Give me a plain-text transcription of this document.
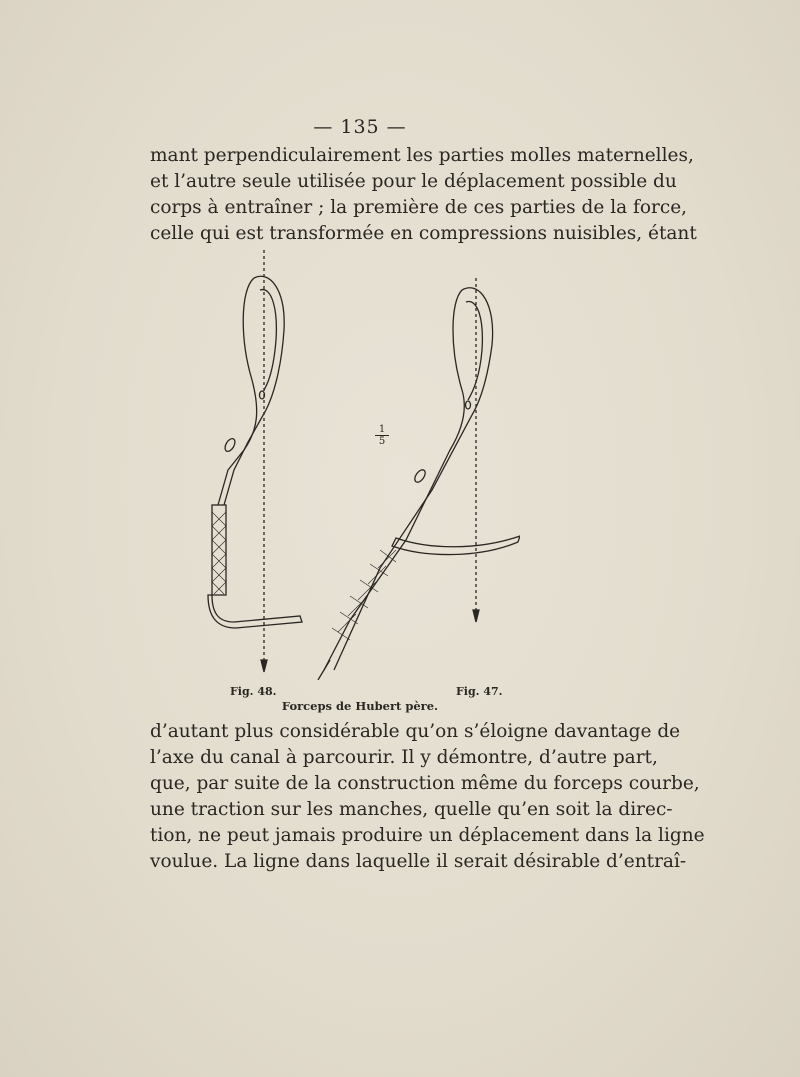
— 135 —
mant perpendiculairement les parties molles maternelles,
et l’autre seule utilisée pour le déplacement possible du
corps à entraîner ; la première de ces parties de la force,
celle qui est transformée en compressions nuisibles, étant
$\frac{1}{5}$
Fig. 48.	Fig. 47.
Forceps de Hubert père.
d’autant plus considérable qu’on s’éloigne davantage de
l’axe du canal à parcourir. Il y démontre, d’autre part,
que, par suite de la construction même du forceps courbe,
une traction sur les manches, quelle qu’en soit la direc-
tion, ne peut jamais produire un déplacement dans la ligne
voulue. La ligne dans laquelle il serait désirable d’entraî-
